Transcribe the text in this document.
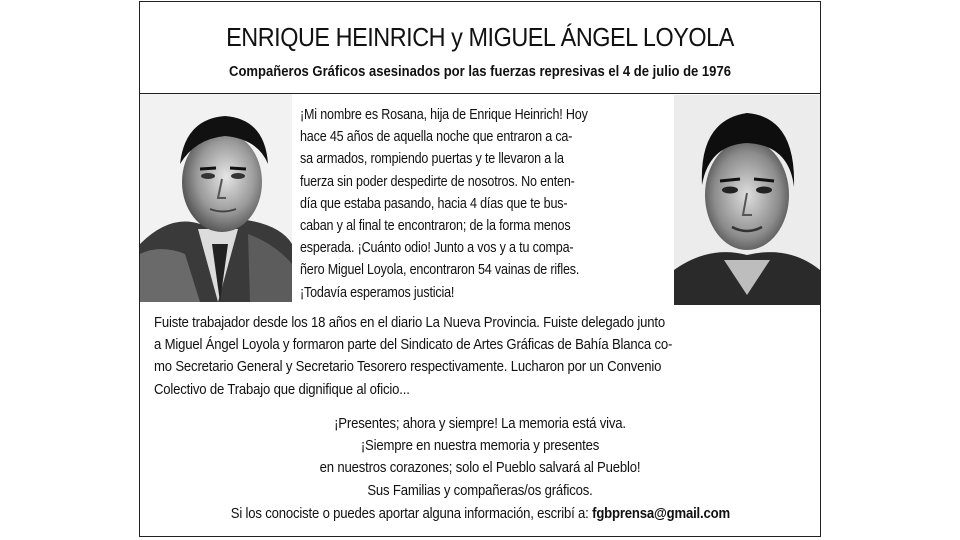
ENRIQUE HEINRICH y MIGUEL ÁNGEL LOYOLA
Compañeros Gráficos asesinados por las fuerzas represivas el 4 de julio de 1976
¡Mi nombre es Rosana, hija de Enrique Heinrich! Hoy
hace 45 años de aquella noche que entraron a ca-
sa armados, rompiendo puertas y te llevaron a la
fuerza sin poder despedirte de nosotros. No enten-
día que estaba pasando, hacia 4 días que te bus-
caban y al final te encontraron; de la forma menos
esperada. ¡Cuánto odio! Junto a vos y a tu compa-
ñero Miguel Loyola, encontraron 54 vainas de rifles.
¡Todavía esperamos justicia!
Fuiste trabajador desde los 18 años en el diario La Nueva Provincia. Fuiste delegado junto
a Miguel Ángel Loyola y formaron parte del Sindicato de Artes Gráficas de Bahía Blanca co-
mo Secretario General y Secretario Tesorero respectivamente. Lucharon por un Convenio
Colectivo de Trabajo que dignifique al oficio...
¡Presentes; ahora y siempre! La memoria está viva.
¡Siempre en nuestra memoria y presentes
en nuestros corazones; solo el Pueblo salvará al Pueblo!
Sus Familias y compañeras/os gráficos.
Si los conociste o puedes aportar alguna información, escribí a: fgbprensa@gmail.com
